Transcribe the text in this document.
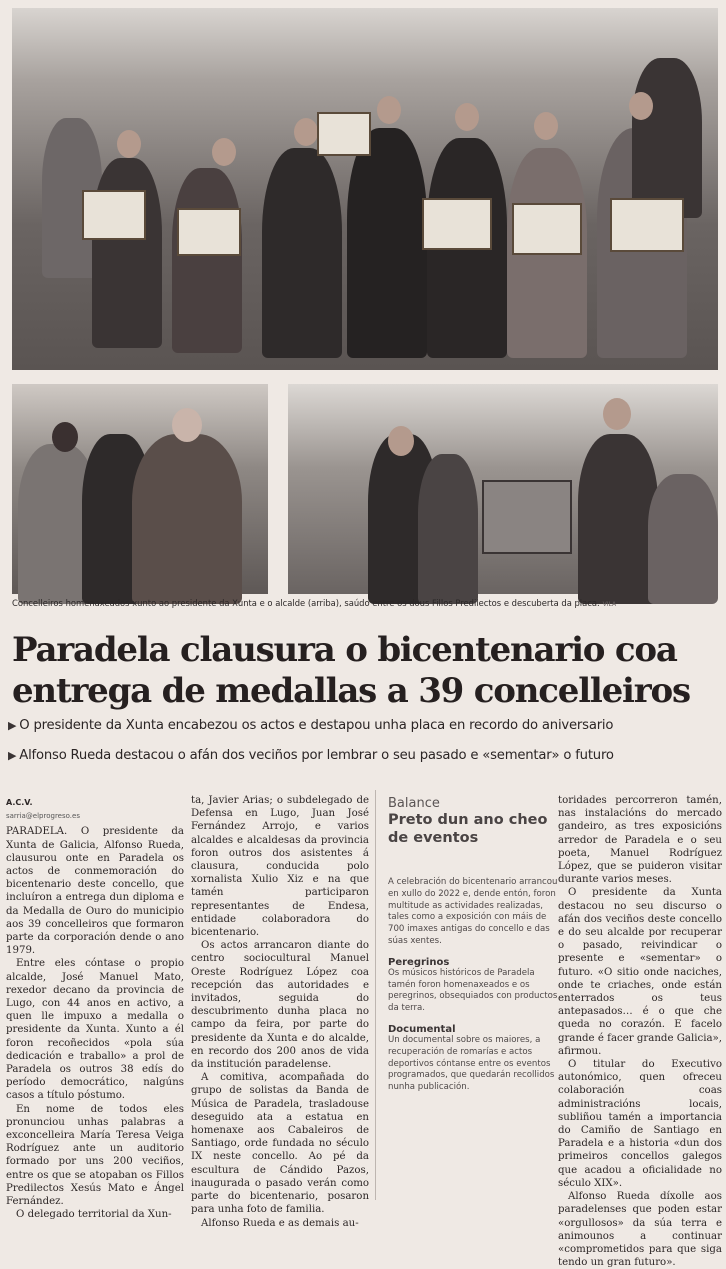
Concelleiros homenaxeados xunto ao presidente da Xunta e o alcalde (arriba), saúdo entre os dous Fillos Predilectos e descuberta da placa. VILA
Paradela clausura o bicentenario coa
entrega de medallas a 39 concelleiros
▶ O presidente da Xunta encabezou os actos e destapou unha placa en recordo do aniversario
▶ Alfonso Rueda destacou o afán dos veciños por lembrar o seu pasado e «sementar» o futuro
A.C.V.
sarria@elprogreso.es

PARADELA. O presidente da Xunta de Galicia, Alfonso Rueda, clausurou onte en Paradela os actos de conmemoración do bicentenario deste concello, que incluíron a entrega dun diploma e da Medalla de Ouro do municipio aos 39 concelleiros que formaron parte da corporación dende o ano 1979.

Entre eles cóntase o propio alcalde, José Manuel Mato, rexedor decano da provincia de Lugo, con 44 anos en activo, a quen lle impuxo a medalla o presidente da Xunta. Xunto a él foron recoñecidos «pola súa dedicación e traballo» a prol de Paradela os outros 38 edís do período democrático, nalgúns casos a título póstumo.

En nome de todos eles pronunciou unhas palabras a exconcelleira María Teresa Veiga Rodríguez ante un auditorio formado por uns 200 veciños, entre os que se atopaban os Fillos Predilectos Xesús Mato e Ángel Fernández.

O delegado territorial da Xun-

ta, Javier Arias; o subdelegado de Defensa en Lugo, Juan José Fernández Arrojo, e varios alcaldes e alcaldesas da provincia foron outros dos asistentes á clausura, conducida polo xornalista Xulio Xiz e na que tamén participaron representantes de Endesa, entidade colaboradora do bicentenario.

Os actos arrancaron diante do centro sociocultural Manuel Oreste Rodríguez López coa recepción das autoridades e invitados, seguida do descubrimento dunha placa no campo da feira, por parte do presidente da Xunta e do alcalde, en recordo dos 200 anos de vida da institución paradelense.

A comitiva, acompañada do grupo de solistas da Banda de Música de Paradela, trasladouse deseguido ata a estatua en homenaxe aos Cabaleiros de Santiago, orde fundada no século IX neste concello. Ao pé da escultura de Cándido Pazos, inaugurada o pasado verán como parte do bicentenario, posaron para unha foto de familia.

Alfonso Rueda e as demais au-

Balance
Preto dun ano cheo de eventos

A celebración do bicentenario arrancou en xullo do 2022 e, dende entón, foron multitude as actividades realizadas, tales como a exposición con máis de 700 imaxes antigas do concello e das súas xentes.

Peregrinos

Os músicos históricos de Paradela tamén foron homenaxeados e os peregrinos, obsequiados con productos da terra.

Documental

Un documental sobre os maiores, a recuperación de romarías e actos deportivos cóntanse entre os eventos programados, que quedarán recollidos nunha publicación.

toridades percorreron tamén, nas instalacións do mercado gandeiro, as tres exposicións arredor de Paradela e o seu poeta, Manuel Rodríguez López, que se puideron visitar durante varios meses.

O presidente da Xunta destacou no seu discurso o afán dos veciños deste concello e do seu alcalde por recuperar o pasado, reivindicar o presente e «sementar» o futuro. «O sitio onde naciches, onde te criaches, onde están enterrados os teus antepasados… é o que che queda no corazón. E facelo grande é facer grande Galicia», afirmou.

O titular do Executivo autonómico, quen ofreceu colaboración coas administracións locais, subliñou tamén a importancia do Camiño de Santiago en Paradela e a historia «dun dos primeiros concellos galegos que acadou a oficialidade no século XIX».

Alfonso Rueda díxolle aos paradelenses que poden estar «orgullosos» da súa terra e animounos a continuar «comprometidos para que siga tendo un gran futuro».
